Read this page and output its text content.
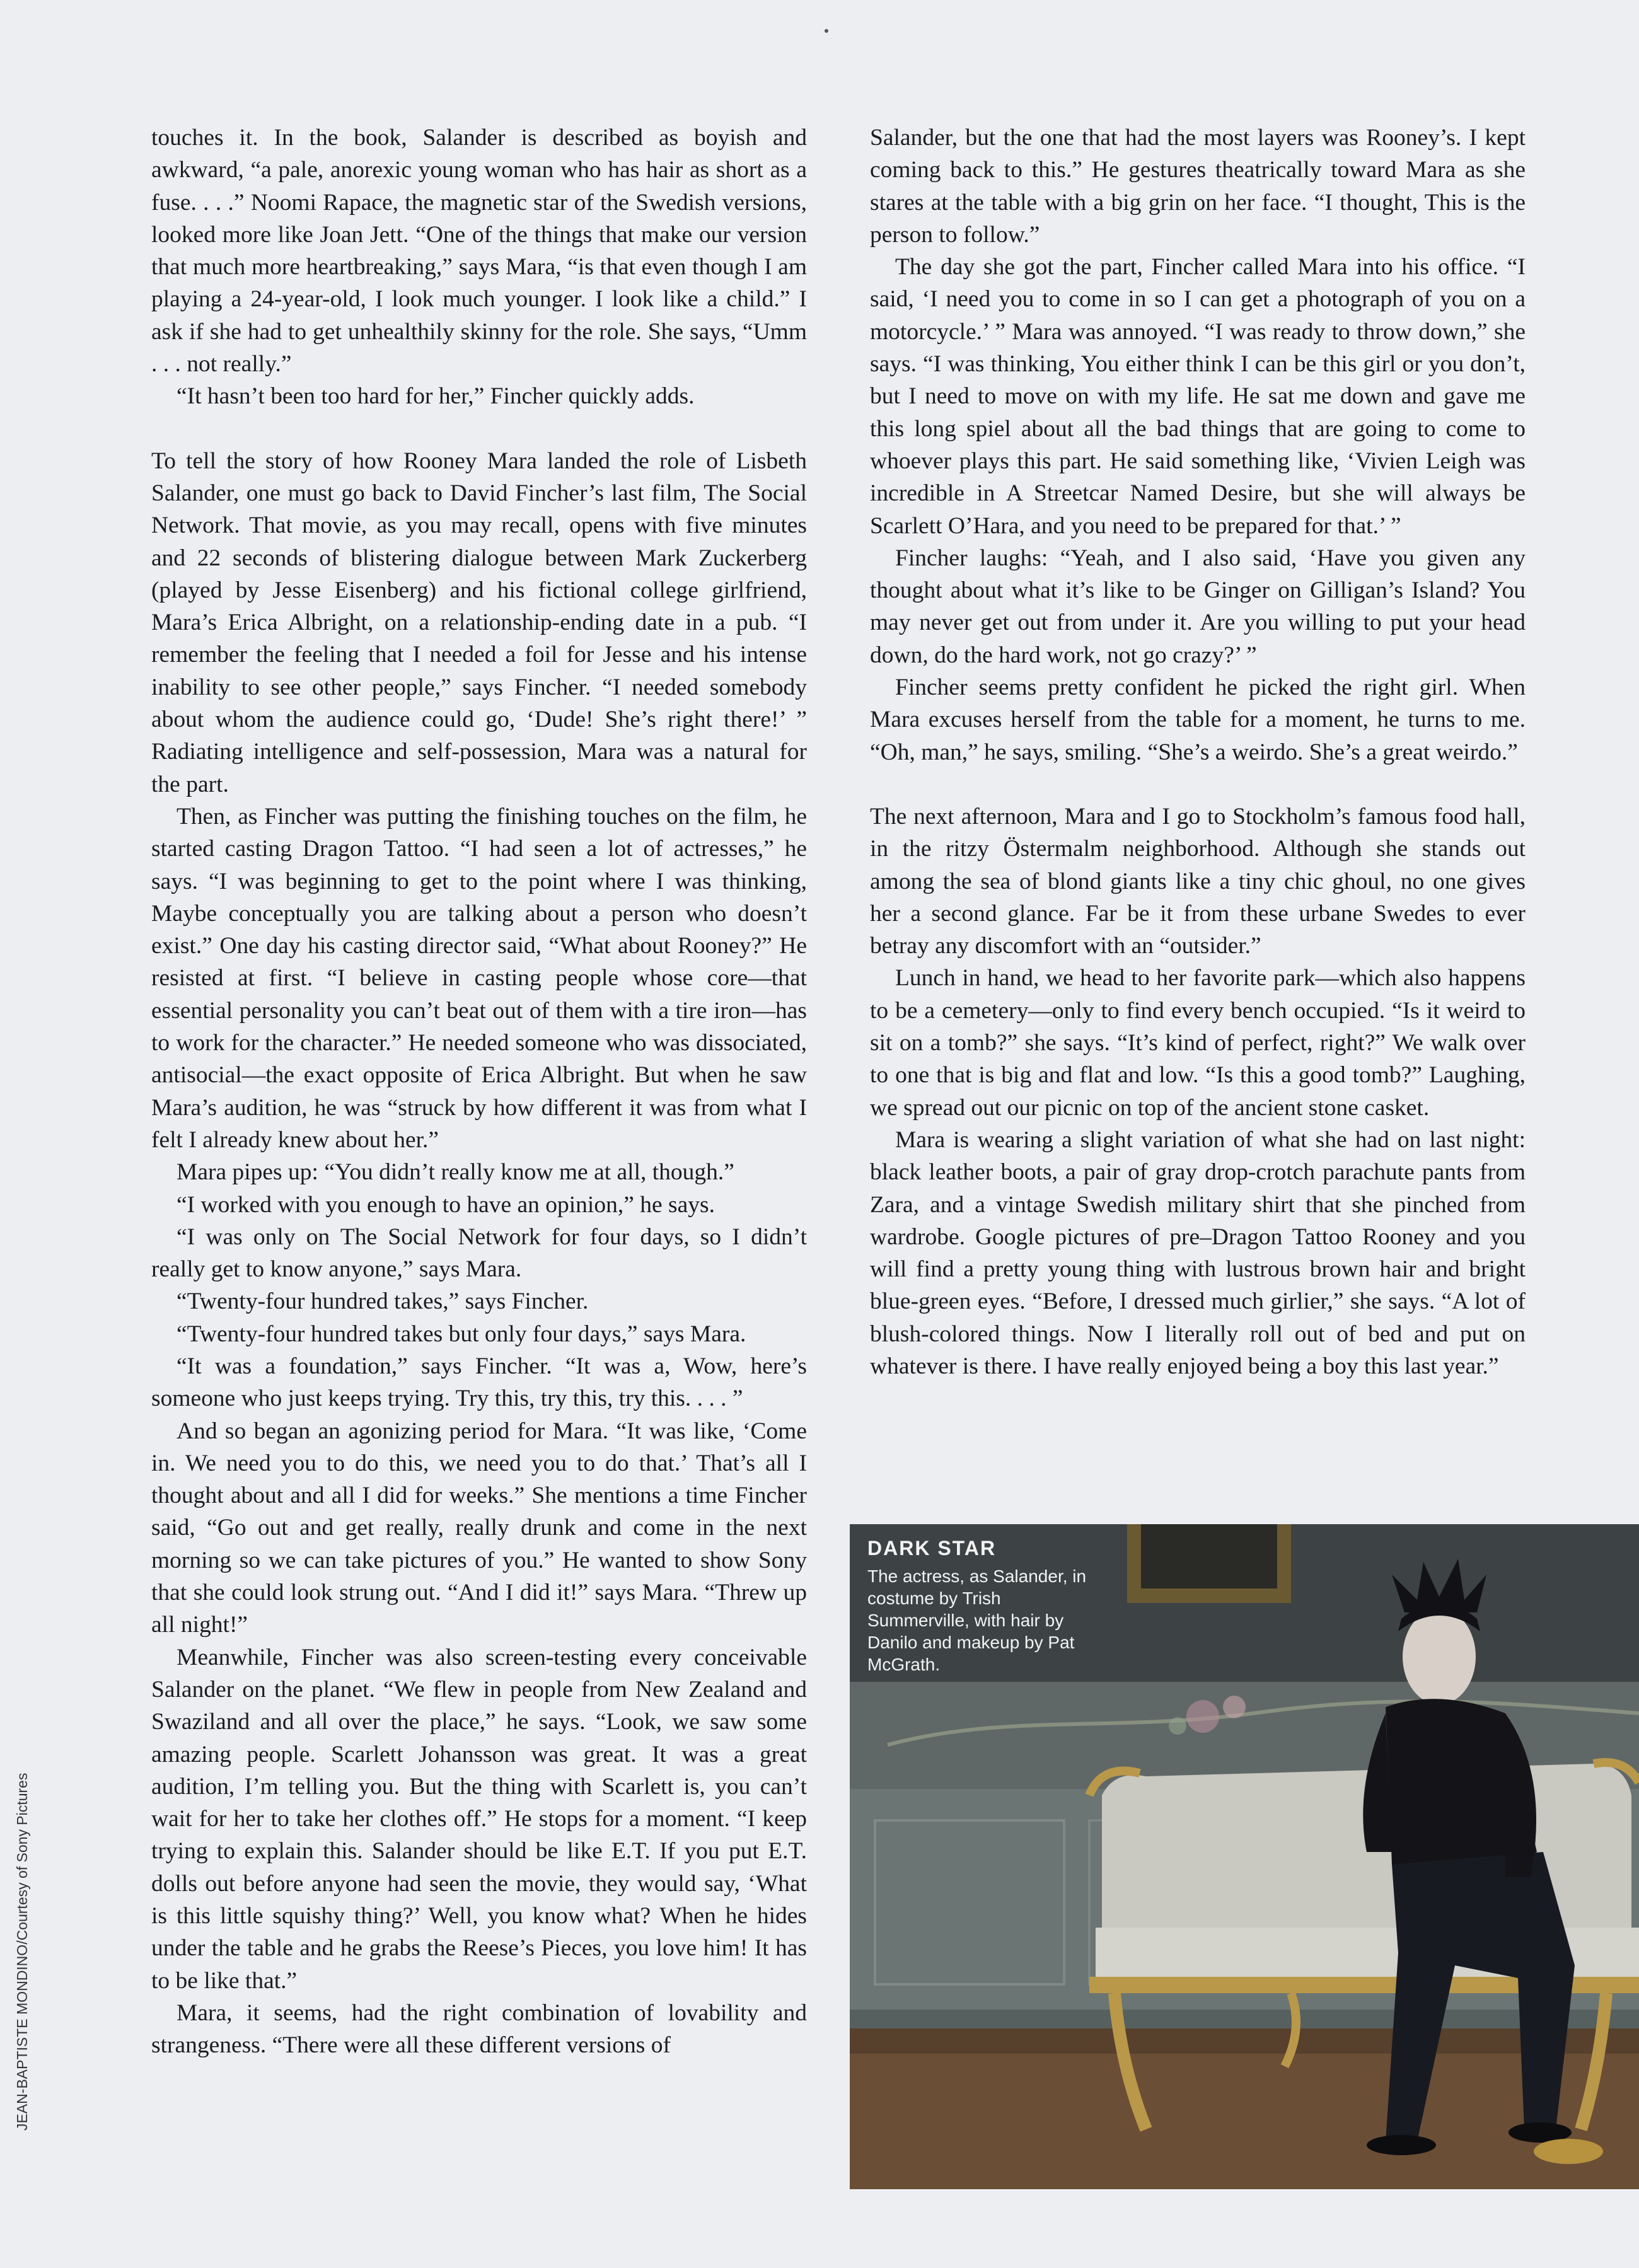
touches it. In the book, Salander is described as boyish and awkward, “a pale, anorexic young woman who has hair as short as a fuse. . . .” Noomi Rapace, the magnetic star of the Swedish versions, looked more like Joan Jett. “One of the things that make our version that much more heartbreaking,” says Mara, “is that even though I am playing a 24-year-old, I look much younger. I look like a child.” I ask if she had to get unhealthily skinny for the role. She says, “Umm . . . not really.”

“It hasn’t been too hard for her,” Fincher quickly adds.

To tell the story of how Rooney Mara landed the role of Lisbeth Salander, one must go back to David Fincher’s last film, The Social Network. That movie, as you may recall, opens with five minutes and 22 seconds of blistering dialogue between Mark Zuckerberg (played by Jesse Eisenberg) and his fictional college girlfriend, Mara’s Erica Albright, on a relationship-ending date in a pub. “I remember the feeling that I needed a foil for Jesse and his intense inability to see other people,” says Fincher. “I needed somebody about whom the audience could go, ‘Dude! She’s right there!’ ” Radiating intelligence and self-possession, Mara was a natural for the part.

Then, as Fincher was putting the finishing touches on the film, he started casting Dragon Tattoo. “I had seen a lot of actresses,” he says. “I was beginning to get to the point where I was thinking, Maybe conceptually you are talking about a person who doesn’t exist.” One day his casting director said, “What about Rooney?” He resisted at first. “I believe in casting people whose core—that essential personality you can’t beat out of them with a tire iron—has to work for the character.” He needed someone who was dissociated, antisocial—the exact opposite of Erica Albright. But when he saw Mara’s audition, he was “struck by how different it was from what I felt I already knew about her.”

Mara pipes up: “You didn’t really know me at all, though.”

“I worked with you enough to have an opinion,” he says.

“I was only on The Social Network for four days, so I didn’t really get to know anyone,” says Mara.

“Twenty-four hundred takes,” says Fincher.

“Twenty-four hundred takes but only four days,” says Mara.

“It was a foundation,” says Fincher. “It was a, Wow, here’s someone who just keeps trying. Try this, try this, try this. . . . ”

And so began an agonizing period for Mara. “It was like, ‘Come in. We need you to do this, we need you to do that.’ That’s all I thought about and all I did for weeks.” She mentions a time Fincher said, “Go out and get really, really drunk and come in the next morning so we can take pictures of you.” He wanted to show Sony that she could look strung out. “And I did it!” says Mara. “Threw up all night!”

Meanwhile, Fincher was also screen-testing every conceivable Salander on the planet. “We flew in people from New Zealand and Swaziland and all over the place,” he says. “Look, we saw some amazing people. Scarlett Johansson was great. It was a great audition, I’m telling you. But the thing with Scarlett is, you can’t wait for her to take her clothes off.” He stops for a moment. “I keep trying to explain this. Salander should be like E.T. If you put E.T. dolls out before anyone had seen the movie, they would say, ‘What is this little squishy thing?’ Well, you know what? When he hides under the table and he grabs the Reese’s Pieces, you love him! It has to be like that.”

Mara, it seems, had the right combination of lovability and strangeness. “There were all these different versions of

Salander, but the one that had the most layers was Rooney’s. I kept coming back to this.” He gestures theatrically toward Mara as she stares at the table with a big grin on her face. “I thought, This is the person to follow.”

The day she got the part, Fincher called Mara into his office. “I said, ‘I need you to come in so I can get a photograph of you on a motorcycle.’ ” Mara was annoyed. “I was ready to throw down,” she says. “I was thinking, You either think I can be this girl or you don’t, but I need to move on with my life. He sat me down and gave me this long spiel about all the bad things that are going to come to whoever plays this part. He said something like, ‘Vivien Leigh was incredible in A Streetcar Named Desire, but she will always be Scarlett O’Hara, and you need to be prepared for that.’ ”

Fincher laughs: “Yeah, and I also said, ‘Have you given any thought about what it’s like to be Ginger on Gilligan’s Island? You may never get out from under it. Are you willing to put your head down, do the hard work, not go crazy?’ ”

Fincher seems pretty confident he picked the right girl. When Mara excuses herself from the table for a moment, he turns to me. “Oh, man,” he says, smiling. “She’s a weirdo. She’s a great weirdo.”

The next afternoon, Mara and I go to Stockholm’s famous food hall, in the ritzy Östermalm neighborhood. Although she stands out among the sea of blond giants like a tiny chic ghoul, no one gives her a second glance. Far be it from these urbane Swedes to ever betray any discomfort with an “outsider.”

Lunch in hand, we head to her favorite park—which also happens to be a cemetery—only to find every bench occupied. “Is it weird to sit on a tomb?” she says. “It’s kind of perfect, right?” We walk over to one that is big and flat and low. “Is this a good tomb?” Laughing, we spread out our picnic on top of the ancient stone casket.

Mara is wearing a slight variation of what she had on last night: black leather boots, a pair of gray drop-crotch parachute pants from Zara, and a vintage Swedish military shirt that she pinched from wardrobe. Google pictures of pre–Dragon Tattoo Rooney and you will find a pretty young thing with lustrous brown hair and bright blue-green eyes. “Before, I dressed much girlier,” she says. “A lot of blush-colored things. Now I literally roll out of bed and put on whatever is there. I have really enjoyed being a boy this last year.”

DARK STAR
The actress, as Salander, in costume by Trish Summerville, with hair by Danilo and makeup by Pat McGrath.
JEAN-BAPTISTE MONDINO/Courtesy of Sony Pictures
